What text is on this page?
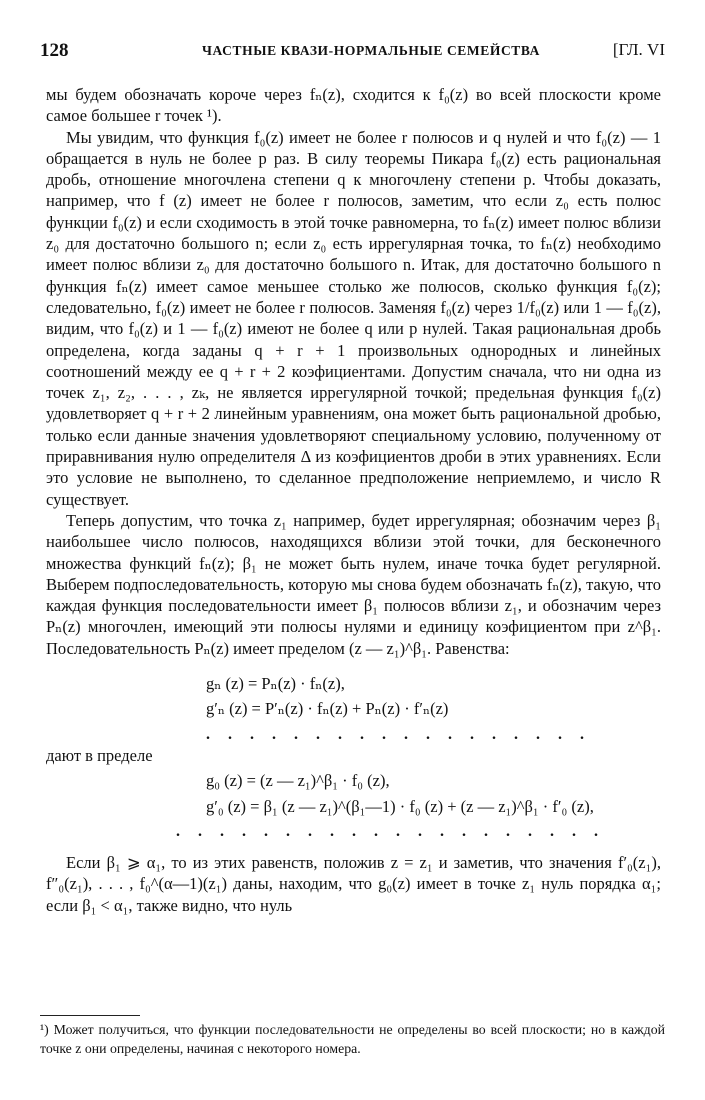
128	ЧАСТНЫЕ КВАЗИ-НОРМАЛЬНЫЕ СЕМЕЙСТВА	[ГЛ. VI

мы будем обозначать короче через fₙ(z), сходится к f₀(z) во всей плоскости кроме самое большее r точек ¹).

Мы увидим, что функция f₀(z) имеет не более r полюсов и q нулей и что f₀(z) — 1 обращается в нуль не более p раз. В силу теоремы Пикара f₀(z) есть рациональная дробь, отношение многочлена степени q к многочлену степени p. Чтобы доказать, например, что f (z) имеет не более r полюсов, заметим, что если z₀ есть полюс функции f₀(z) и если сходимость в этой точке равномерна, то fₙ(z) имеет полюс вблизи z₀ для достаточно большого n; если z₀ есть иррегулярная точка, то fₙ(z) необходимо имеет полюс вблизи z₀ для достаточно большого n. Итак, для достаточно большого n функция fₙ(z) имеет самое меньшее столько же полюсов, сколько функция f₀(z); следовательно, f₀(z) имеет не более r полюсов. Заменяя f₀(z) через 1/f₀(z) или 1 — f₀(z), видим, что f₀(z) и 1 — f₀(z) имеют не более q или p нулей. Такая рациональная дробь определена, когда заданы q + r + 1 произвольных однородных и линейных соотношений между ее q + r + 2 коэфициентами. Допустим сначала, что ни одна из точек z₁, z₂, . . . , zₖ, не является иррегулярной точкой; предельная функция f₀(z) удовлетворяет q + r + 2 линейным уравнениям, она может быть рациональной дробью, только если данные значения удовлетворяют специальному условию, полученному от приравнивания нулю определителя Δ из коэфициентов дроби в этих уравнениях. Если это условие не выполнено, то сделанное предположение неприемлемо, и число R существует.

Теперь допустим, что точка z₁ например, будет иррегулярная; обозначим через β₁ наибольшее число полюсов, находящихся вблизи этой точки, для бесконечного множества функций fₙ(z); β₁ не может быть нулем, иначе точка будет регулярной. Выберем подпоследовательность, которую мы снова будем обозначать fₙ(z), такую, что каждая функция последовательности имеет β₁ полюсов вблизи z₁, и обозначим через Pₙ(z) многочлен, имеющий эти полюсы нулями и единицу коэфициентом при z^β₁. Последовательность Pₙ(z) имеет пределом (z — z₁)^β₁. Равенства:

gₙ (z) = Pₙ(z) · fₙ(z),
g′ₙ (z) = P′ₙ(z) · fₙ(z) + Pₙ(z) · f′ₙ(z)
. . . . . . . . . . . . . . . . . .

дают в пределе

g₀ (z) = (z — z₁)^β₁ · f₀ (z),
g′₀ (z) = β₁ (z — z₁)^(β₁—1) · f₀ (z) + (z — z₁)^β₁ · f′₀ (z),
. . . . . . . . . . . . . . . . . . . .

Если β₁ ⩾ α₁, то из этих равенств, положив z = z₁ и заметив, что значения f′₀(z₁), f″₀(z₁), . . . , f₀^(α—1)(z₁) даны, находим, что g₀(z) имеет в точке z₁ нуль порядка α₁; если β₁ < α₁, также видно, что нуль

¹) Может получиться, что функции последовательности не определены во всей плоскости; но в каждой точке z они определены, начиная с некоторого номера.
